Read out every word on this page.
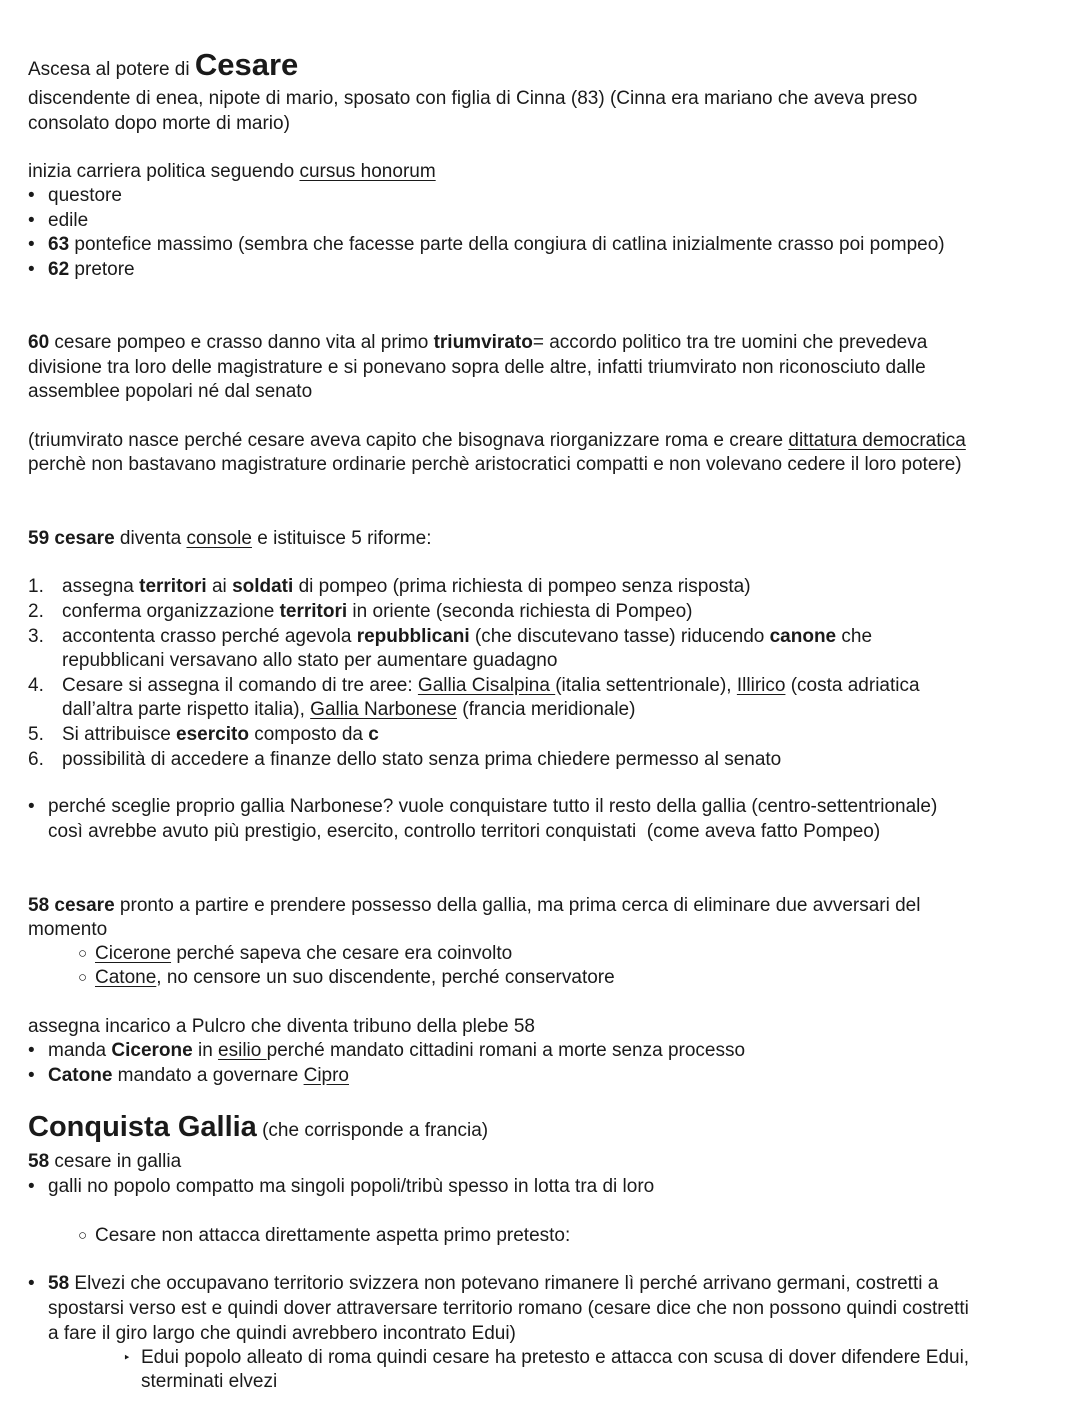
Ascesa al potere di Cesare
discendente di enea, nipote di mario, sposato con figlia di Cinna (83) (Cinna era mariano che aveva preso
consolato dopo morte di mario)
inizia carriera politica seguendo cursus honorum
• questore
• edile
• 63 pontefice massimo (sembra che facesse parte della congiura di catlina inizialmente crasso poi pompeo)
• 62 pretore
60 cesare pompeo e crasso danno vita al primo triumvirato= accordo politico tra tre uomini che prevedeva
divisione tra loro delle magistrature e si ponevano sopra delle altre, infatti triumvirato non riconosciuto dalle
assemblee popolari né dal senato
(triumvirato nasce perché cesare aveva capito che bisognava riorganizzare roma e creare dittatura democratica
perchè non bastavano magistrature ordinarie perchè aristocratici compatti e non volevano cedere il loro potere)
59 cesare diventa console e istituisce 5 riforme:
1. assegna territori ai soldati di pompeo (prima richiesta di pompeo senza risposta)
2. conferma organizzazione territori in oriente (seconda richiesta di Pompeo)
3. accontenta crasso perché agevola repubblicani (che discutevano tasse) riducendo canone che
repubblicani versavano allo stato per aumentare guadagno
4. Cesare si assegna il comando di tre aree: Gallia Cisalpina (italia settentrionale), Illirico (costa adriatica
dall’altra parte rispetto italia), Gallia Narbonese (francia meridionale)
5. Si attribuisce esercito composto da c
6. possibilità di accedere a finanze dello stato senza prima chiedere permesso al senato
• perché sceglie proprio gallia Narbonese? vuole conquistare tutto il resto della gallia (centro-settentrionale)
così avrebbe avuto più prestigio, esercito, controllo territori conquistati  (come aveva fatto Pompeo)
58 cesare pronto a partire e prendere possesso della gallia, ma prima cerca di eliminare due avversari del
momento
○ Cicerone perché sapeva che cesare era coinvolto
○ Catone, no censore un suo discendente, perché conservatore
assegna incarico a Pulcro che diventa tribuno della plebe 58
• manda Cicerone in esilio perché mandato cittadini romani a morte senza processo
• Catone mandato a governare Cipro
Conquista Gallia (che corrisponde a francia)
58 cesare in gallia
• galli no popolo compatto ma singoli popoli/tribù spesso in lotta tra di loro
○ Cesare non attacca direttamente aspetta primo pretesto:
• 58 Elvezi che occupavano territorio svizzera non potevano rimanere lì perché arrivano germani, costretti a
spostarsi verso est e quindi dover attraversare territorio romano (cesare dice che non possono quindi costretti
a fare il giro largo che quindi avrebbero incontrato Edui)
‣ Edui popolo alleato di roma quindi cesare ha pretesto e attacca con scusa di dover difendere Edui,
sterminati elvezi
